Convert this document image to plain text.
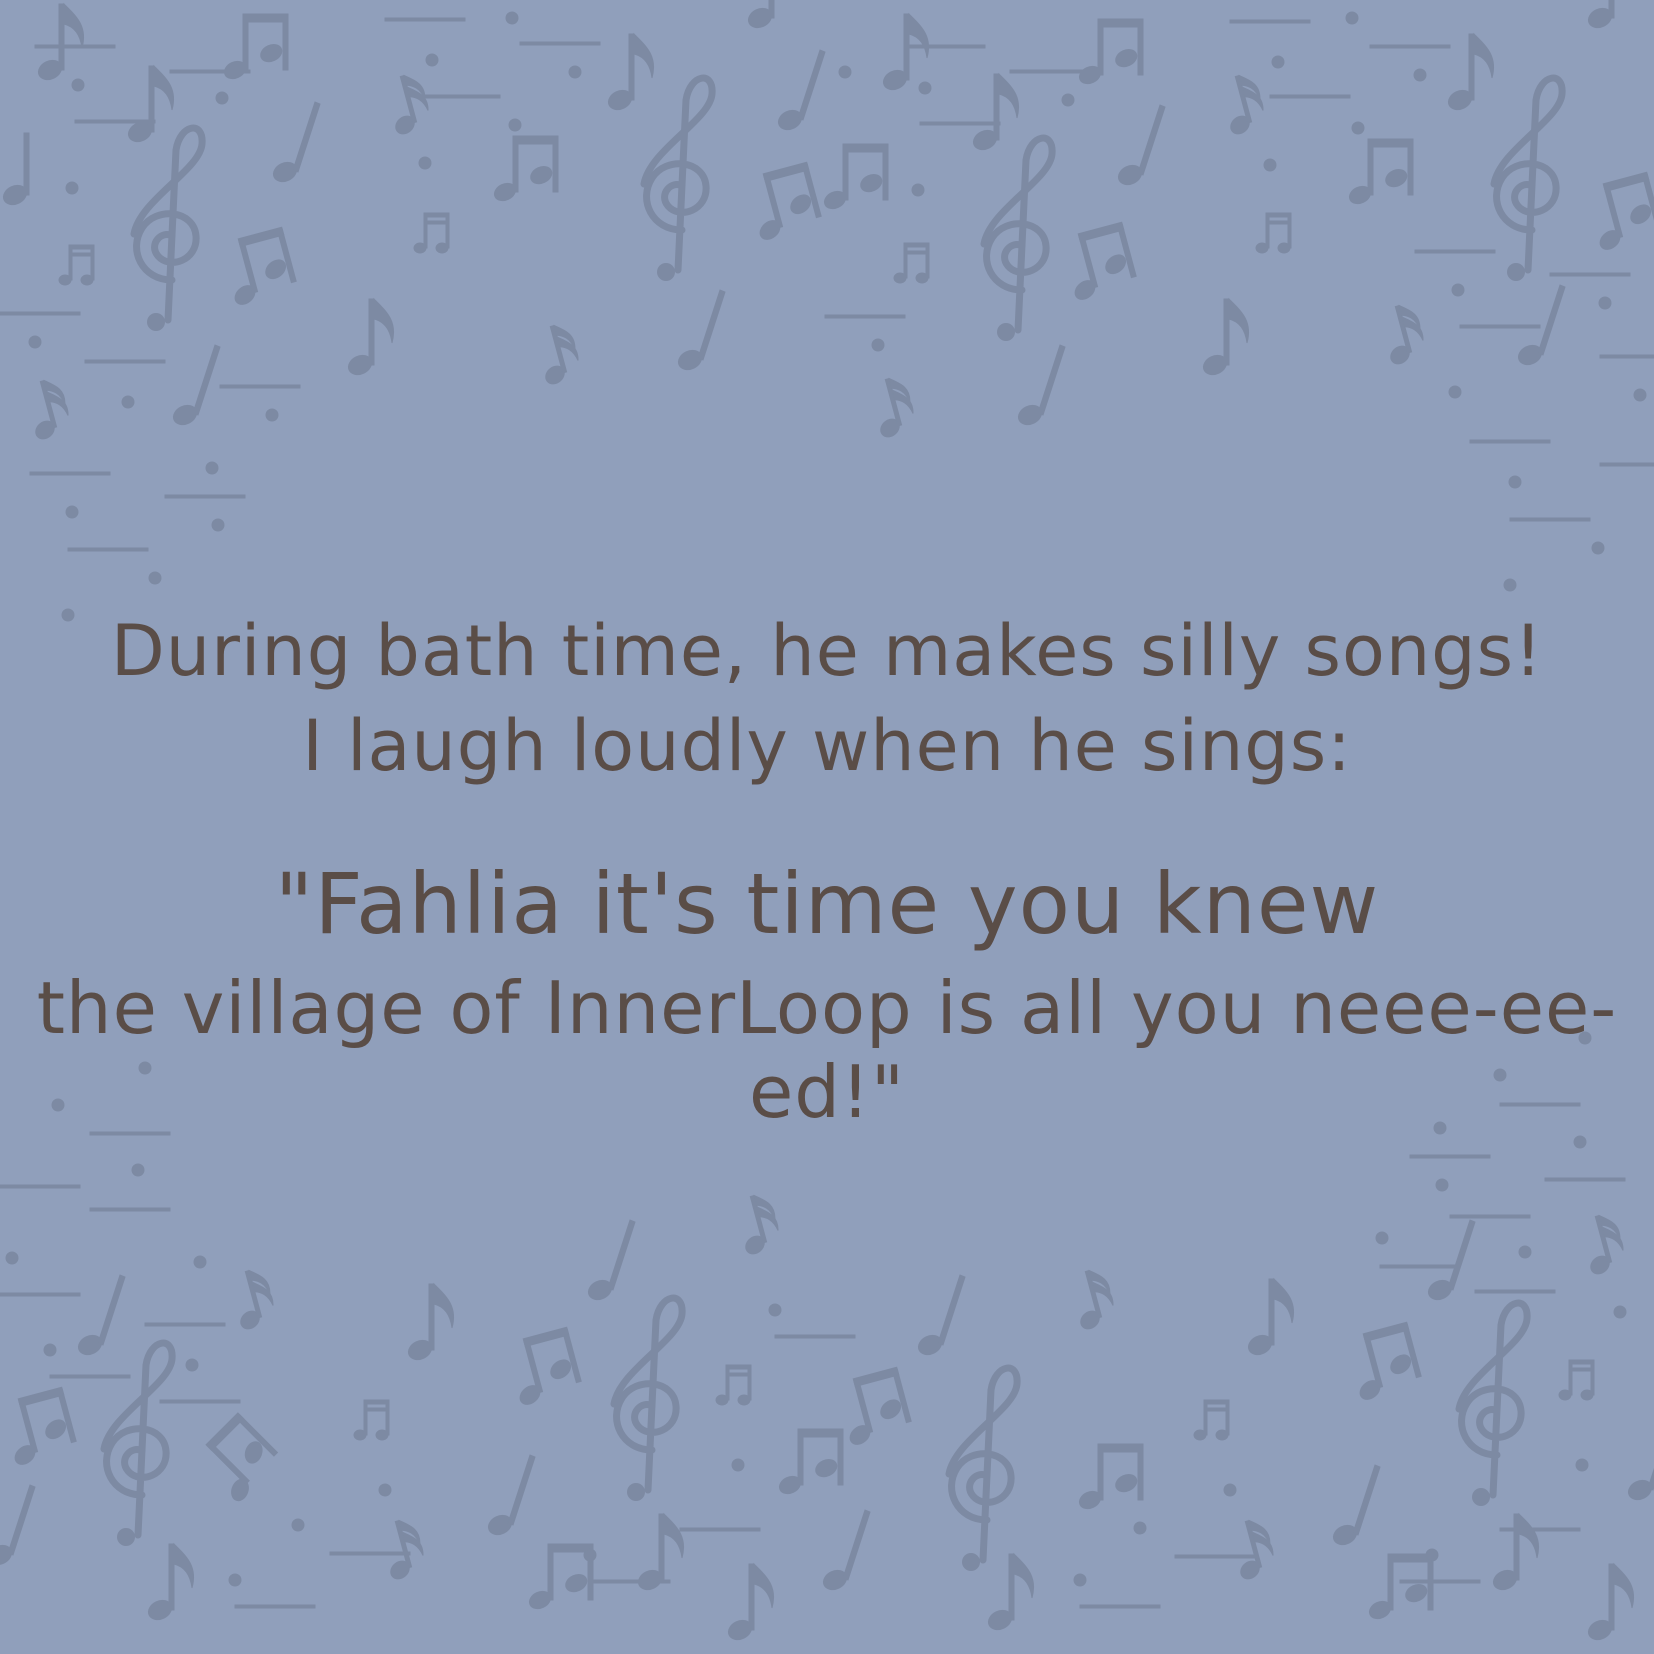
During bath time, he makes silly songs!
I laugh loudly when he sings:
"Fahlia it's time you knew
the village of InnerLoop is all you neee-ee-ed!"
